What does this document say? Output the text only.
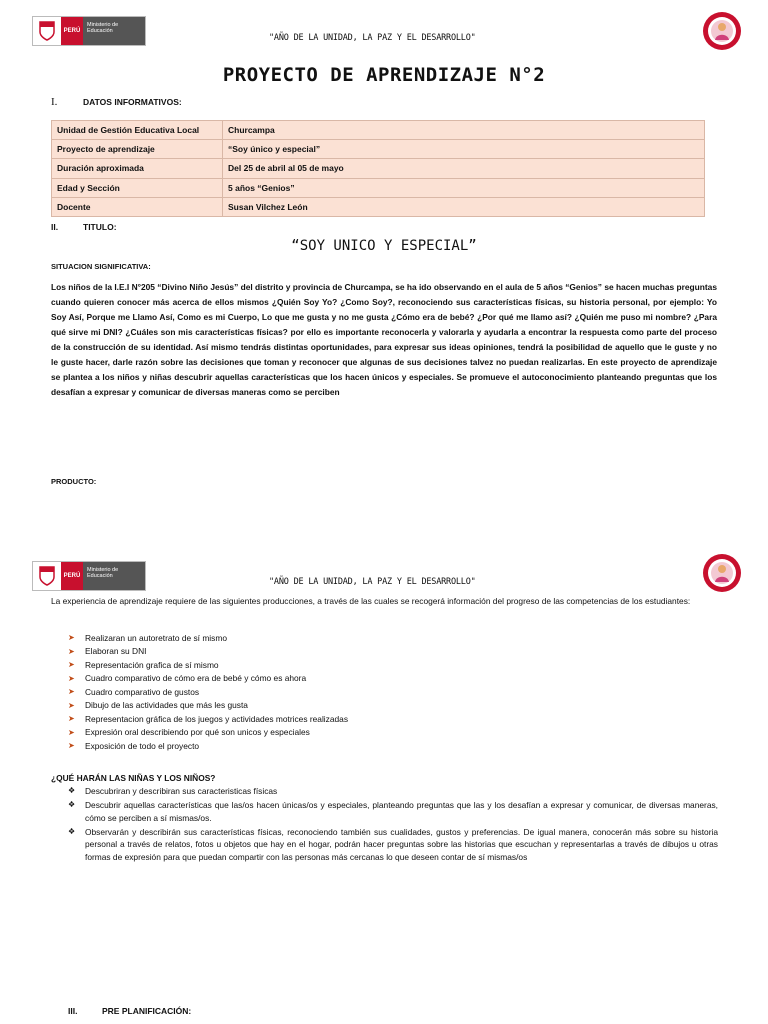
PERÚ
Ministerio de Educación
"AÑO DE LA UNIDAD, LA PAZ Y EL DESARROLLO"
PROYECTO DE APRENDIZAJE N°2
I.	DATOS INFORMATIVOS:
Unidad de Gestión Educativa Local	Churcampa
Proyecto de aprendizaje	“Soy único y especial”
Duración aproximada	Del 25 de abril al 05 de mayo
Edad y Sección	5 años “Genios”
Docente	Susan Vilchez León
II.	TITULO:
“SOY UNICO Y ESPECIAL”
SITUACION SIGNIFICATIVA:
Los niños de la I.E.I N°205 “Divino Niño Jesús” del distrito y provincia de Churcampa, se ha ido observando en el aula de 5 años “Genios” se hacen muchas preguntas cuando quieren conocer más acerca de ellos mismos ¿Quién Soy Yo? ¿Como Soy?, reconociendo sus características físicas, su historia personal, por ejemplo: Yo Soy Así, Porque me Llamo Así, Como es mi Cuerpo, Lo que me gusta y no me gusta ¿Cómo era de bebé? ¿Por qué me llamo así? ¿Quién me puso mi nombre? ¿Para qué sirve mi DNI? ¿Cuáles son mis características físicas? por ello es importante reconocerla y valorarla y ayudarla a encontrar la respuesta como parte del proceso de la construcción de su identidad. Así mismo tendrás distintas oportunidades, para expresar sus ideas opiniones, tendrá la posibilidad de aquello que le guste y no le guste hacer, darle razón sobre las decisiones que toman y reconocer que algunas de sus decisiones talvez no puedan realizarlas. En este proyecto de aprendizaje se plantea a los niños y niñas descubrir aquellas características que los hacen únicos y especiales. Se promueve el autoconocimiento planteando preguntas que los desafían a expresar y comunicar de diversas maneras como se perciben
PRODUCTO:
PERÚ
Ministerio de Educación
"AÑO DE LA UNIDAD, LA PAZ Y EL DESARROLLO"
La experiencia de aprendizaje requiere de las siguientes producciones, a través de las cuales se recogerá información del progreso de las competencias de los estudiantes:
➤	Realizaran un autoretrato de sí mismo
➤	Elaboran su DNI
➤	Representación grafica de sí mismo
➤	Cuadro comparativo de cómo era de bebé y cómo es ahora
➤	Cuadro comparativo de gustos
➤	Dibujo de las actividades que más les gusta
➤	Representacion gráfica de los juegos y actividades motrices realizadas
➤	Expresión oral describiendo por qué son unicos y especiales
➤	Exposición de todo el proyecto
¿QUÉ HARÁN LAS NIÑAS Y LOS NIÑOS?
❖	Descubriran y describiran sus caracteristicas físicas
❖	Descubrir aquellas características que las/os hacen únicas/os y especiales, planteando preguntas que las y los desafían a expresar y comunicar, de diversas maneras, cómo se perciben a sí mismas/os.
❖	Observarán y describirán sus características físicas, reconociendo también sus cualidades, gustos y preferencias. De igual manera, conocerán más sobre su historia personal a través de relatos, fotos u objetos que hay en el hogar, podrán hacer preguntas sobre las historias que escuchan y representarlas a través de dibujos u otras formas de expresión para que puedan compartir con las personas más cercanas lo que deseen contar de sí mismas/os
III.	PRE PLANIFICACIÓN:
